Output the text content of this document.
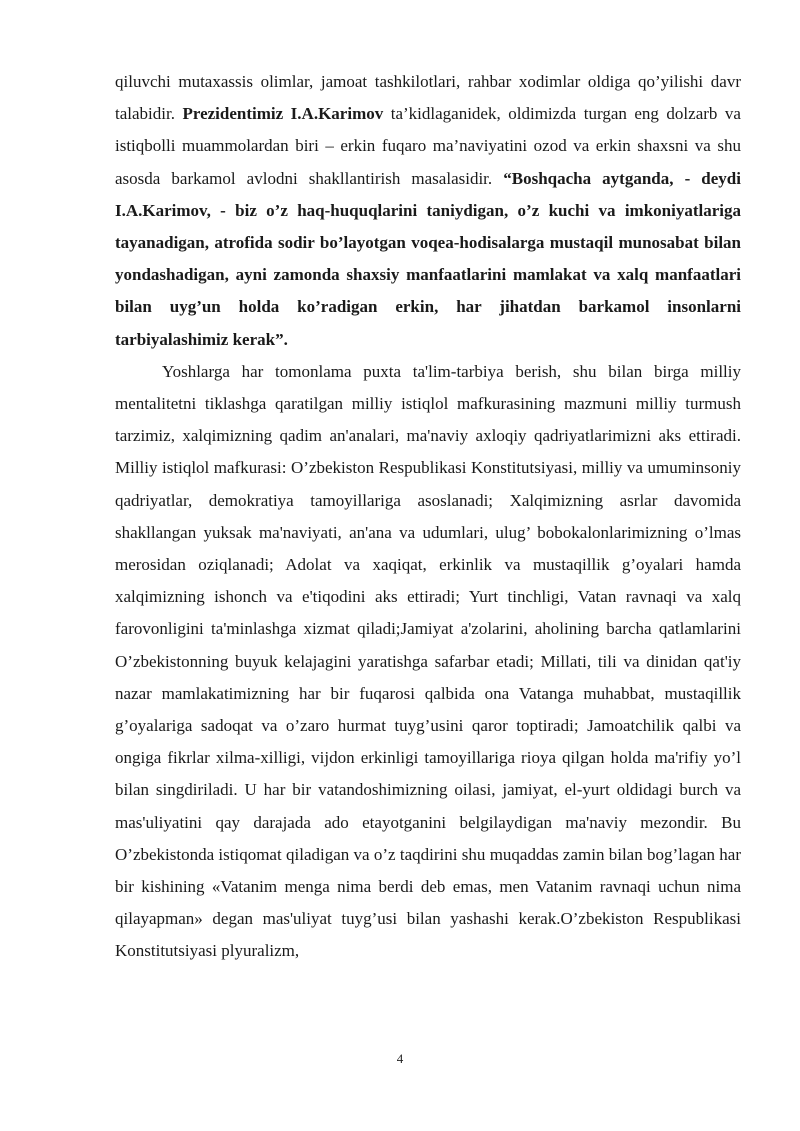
qiluvchi mutaxassis olimlar, jamoat tashkilotlari, rahbar xodimlar oldiga qo’yilishi davr talabidir. Prezidentimiz I.A.Karimov ta’kidlaganidek, oldimizda turgan eng dolzarb va istiqbolli muammolardan biri – erkin fuqaro ma’naviyatini ozod va erkin shaxsni va shu asosda barkamol avlodni shakllantirish masalasidir. “Boshqacha aytganda, - deydi I.A.Karimov, - biz o’z haq-huquqlarini taniydigan, o’z kuchi va imkoniyatlariga tayanadigan, atrofida sodir bo’layotgan voqea-hodisalarga mustaqil munosabat bilan yondashadigan, ayni zamonda shaxsiy manfaatlarini mamlakat va xalq manfaatlari bilan uyg’un holda ko’radigan erkin, har jihatdan barkamol insonlarni tarbiyalashimiz kerak”.

Yoshlarga har tomonlama puxta ta'lim-tarbiya berish, shu bilan birga milliy mentalitetni tiklashga qaratilgan milliy istiqlol mafkurasining mazmuni milliy turmush tarzimiz, xalqimizning qadim an'analari, ma'naviy axloqiy qadriyatlarimizni aks ettiradi. Milliy istiqlol mafkurasi: O’zbekiston Respublikasi Konstitutsiyasi, milliy va umuminsoniy qadriyatlar, demokratiya tamoyillariga asoslanadi; Xalqimizning asrlar davomida shakllangan yuksak ma'naviyati, an'ana va udumlari, ulug’ bobokalonlarimizning o’lmas merosidan oziqlanadi; Adolat va xaqiqat, erkinlik va mustaqillik g’oyalari hamda xalqimizning ishonch va e'tiqodini aks ettiradi; Yurt tinchligi, Vatan ravnaqi va xalq farovonligini ta'minlashga xizmat qiladi;Jamiyat a'zolarini, aholining barcha qatlamlarini O’zbekistonning buyuk kelajagini yaratishga safarbar etadi; Millati, tili va dinidan qat'iy nazar mamlakatimizning har bir fuqarosi qalbida ona Vatanga muhabbat, mustaqillik g’oyalariga sadoqat va o’zaro hurmat tuyg’usini qaror toptiradi; Jamoatchilik qalbi va ongiga fikrlar xilma-xilligi, vijdon erkinligi tamoyillariga rioya qilgan holda ma'rifiy yo’l bilan singdiriladi. U har bir vatandoshimizning oilasi, jamiyat, el-yurt oldidagi burch va mas'uliyatini qay darajada ado etayotganini belgilaydigan ma'naviy mezondir. Bu O’zbekistonda istiqomat qiladigan va o’z taqdirini shu muqaddas zamin bilan bog’lagan har bir kishining «Vatanim menga nima berdi deb emas, men Vatanim ravnaqi uchun nima qilayapman» degan mas'uliyat tuyg’usi bilan yashashi kerak.O’zbekiston Respublikasi Konstitutsiyasi plyuralizm,

4
